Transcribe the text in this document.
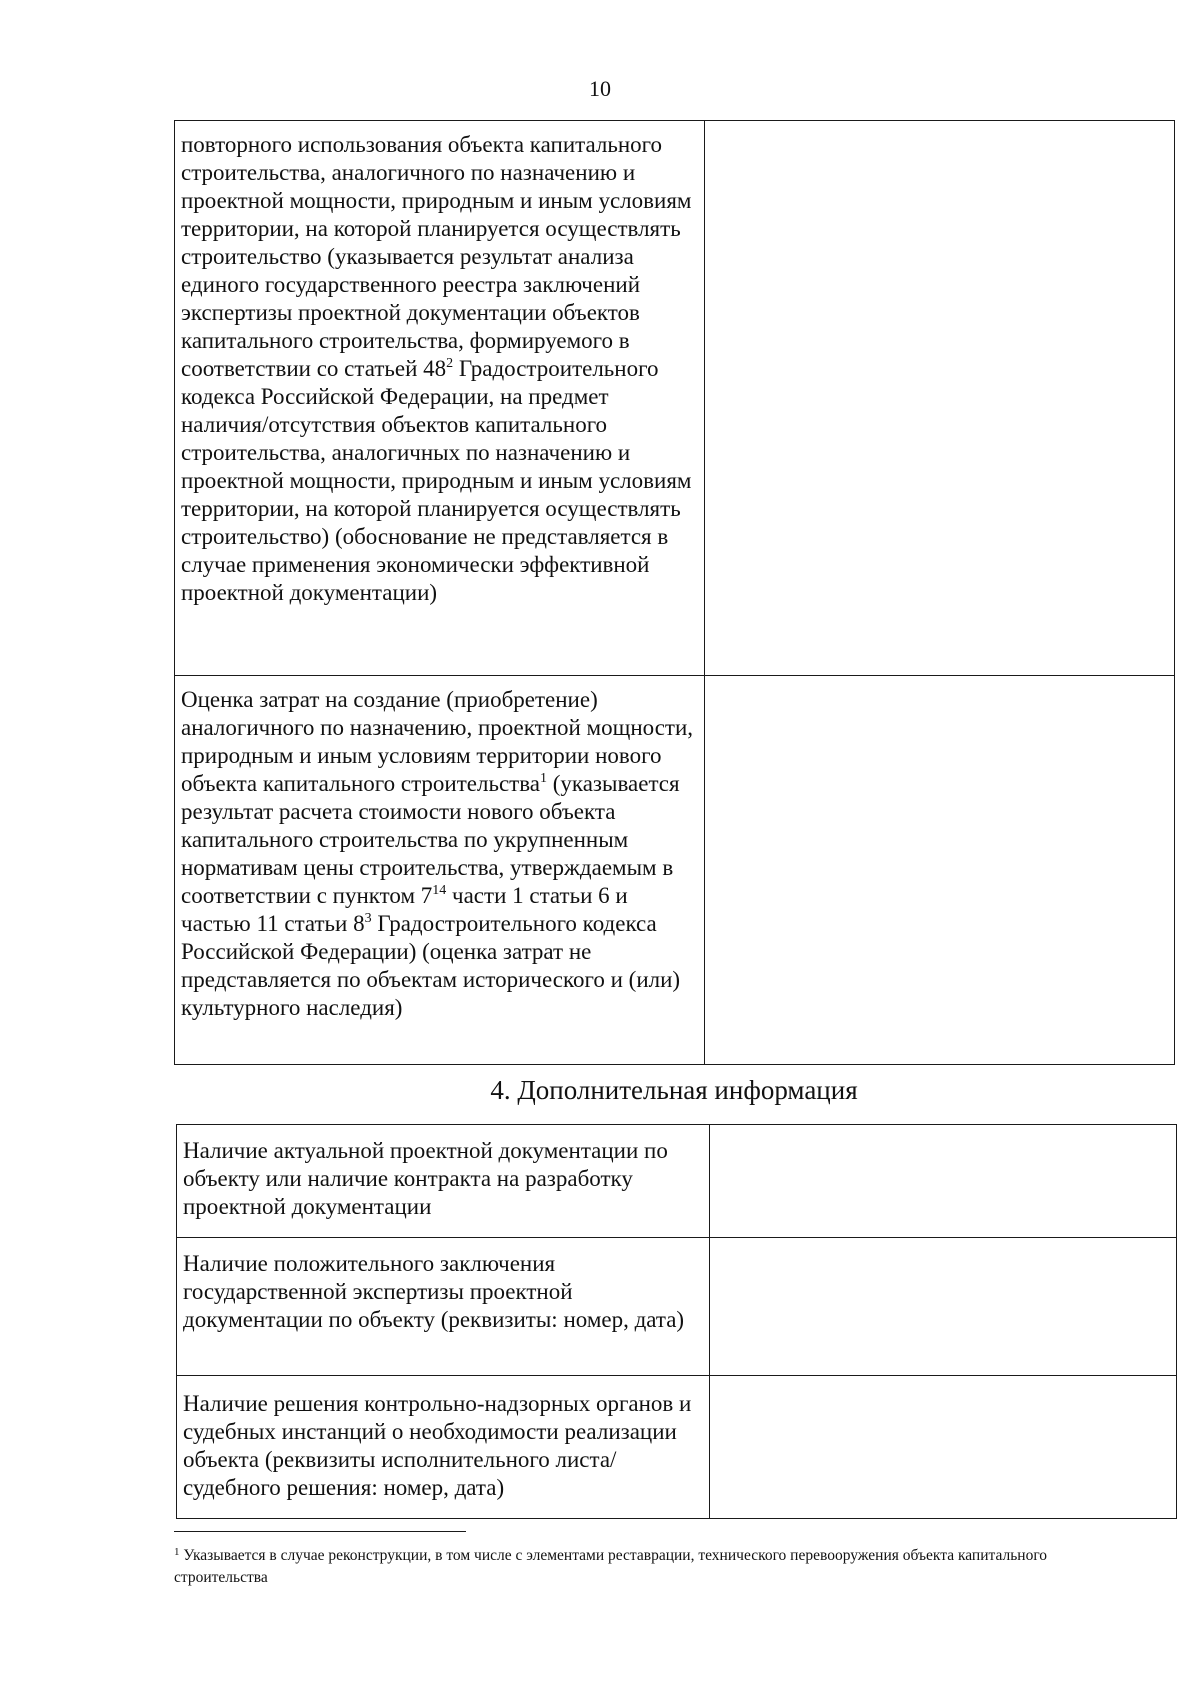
10
повторного использования объекта капитального строительства, аналогичного по назначению и проектной мощности, природным и иным условиям территории, на которой планируется осуществлять строительство (указывается результат анализа единого государственного реестра заключений экспертизы проектной документации объектов капитального строительства, формируемого в соответствии со статьей $48^2$ Градостроительного кодекса Российской Федерации, на предмет наличия/отсутствия объектов капитального строительства, аналогичных по назначению и проектной мощности, природным и иным условиям территории, на которой планируется осуществлять строительство) (обоснование не представляется в случае применения экономически эффективной проектной документации)	
Оценка затрат на создание (приобретение) аналогичного по назначению, проектной мощности, природным и иным условиям территории нового объекта капитального строительства$^1$ (указывается результат расчета стоимости нового объекта капитального строительства по укрупненным нормативам цены строительства, утверждаемым в соответствии с пунктом $7^{14}$ части 1 статьи 6 и частью 11 статьи $8^3$ Градостроительного кодекса Российской Федерации) (оценка затрат не представляется по объектам исторического и (или) культурного наследия)	
4. Дополнительная информация
Наличие актуальной проектной документации по объекту или наличие контракта на разработку проектной документации	
Наличие положительного заключения государственной экспертизы проектной документации по объекту (реквизиты: номер, дата)	
Наличие решения контрольно-надзорных органов и судебных инстанций о необходимости реализации объекта (реквизиты исполнительного листа/судебного решения: номер, дата)	
$^1$ Указывается в случае реконструкции, в том числе с элементами реставрации, технического перевооружения объекта капитального строительства
